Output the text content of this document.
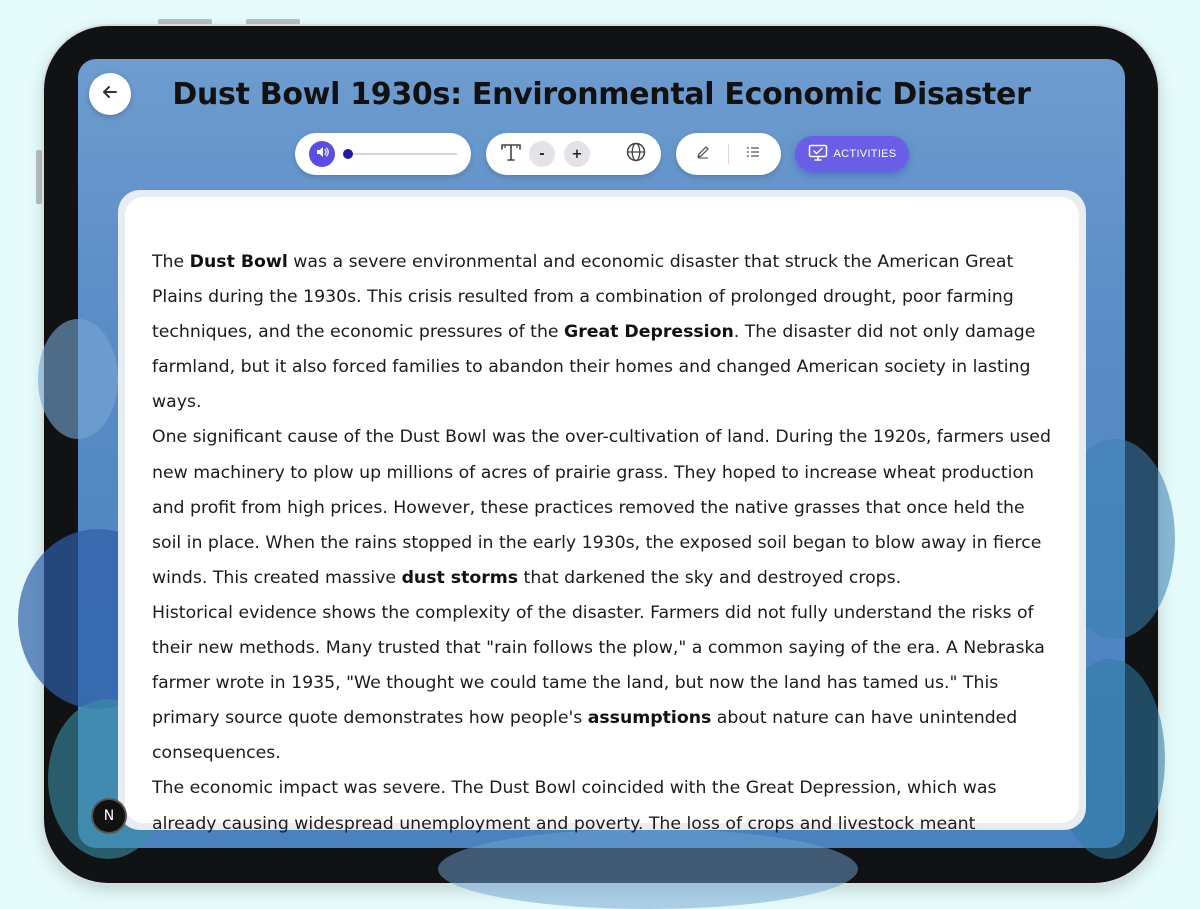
Dust Bowl 1930s: Environmental Economic Disaster
-	+	ACTIVITIES

The Dust Bowl was a severe environmental and economic disaster that struck the American Great Plains during the 1930s. This crisis resulted from a combination of prolonged drought, poor farming techniques, and the economic pressures of the Great Depression. The disaster did not only damage farmland, but it also forced families to abandon their homes and changed American society in lasting ways.

One significant cause of the Dust Bowl was the over-cultivation of land. During the 1920s, farmers used new machinery to plow up millions of acres of prairie grass. They hoped to increase wheat production and profit from high prices. However, these practices removed the native grasses that once held the soil in place. When the rains stopped in the early 1930s, the exposed soil began to blow away in fierce winds. This created massive dust storms that darkened the sky and destroyed crops.

Historical evidence shows the complexity of the disaster. Farmers did not fully understand the risks of their new methods. Many trusted that "rain follows the plow," a common saying of the era. A Nebraska farmer wrote in 1935, "We thought we could tame the land, but now the land has tamed us." This primary source quote demonstrates how people's assumptions about nature can have unintended consequences.

The economic impact was severe. The Dust Bowl coincided with the Great Depression, which was already causing widespread unemployment and poverty. The loss of crops and livestock meant

N
